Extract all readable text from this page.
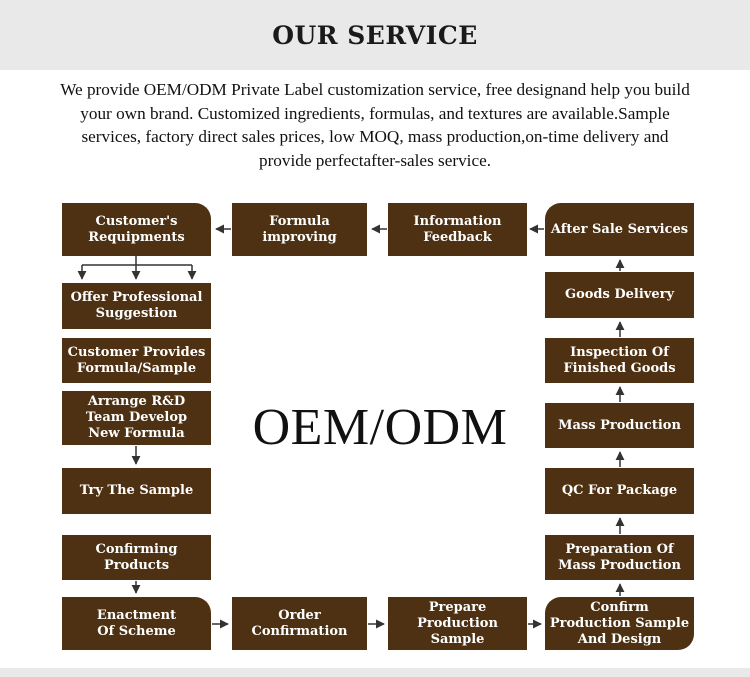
OUR SERVICE
We provide OEM/ODM Private Label customization service, free designand help you build your own brand. Customized ingredients, formulas, and textures are available.Sample services, factory direct sales prices, low MOQ, mass production,on-time delivery and provide perfectafter-sales service.
Customer's Requipments
Offer Professional Suggestion
Customer Provides Formula/Sample
Arrange R&D Team Develop New Formula
Try The Sample
Confirming Products
Enactment Of Scheme
Formula improving
Information Feedback
After Sale Services
Goods Delivery
Inspection Of Finished Goods
Mass Production
QC For Package
Preparation Of Mass Production
Confirm Production Sample And Design
Order Confirmation
Prepare Production Sample
OEM/ODM
